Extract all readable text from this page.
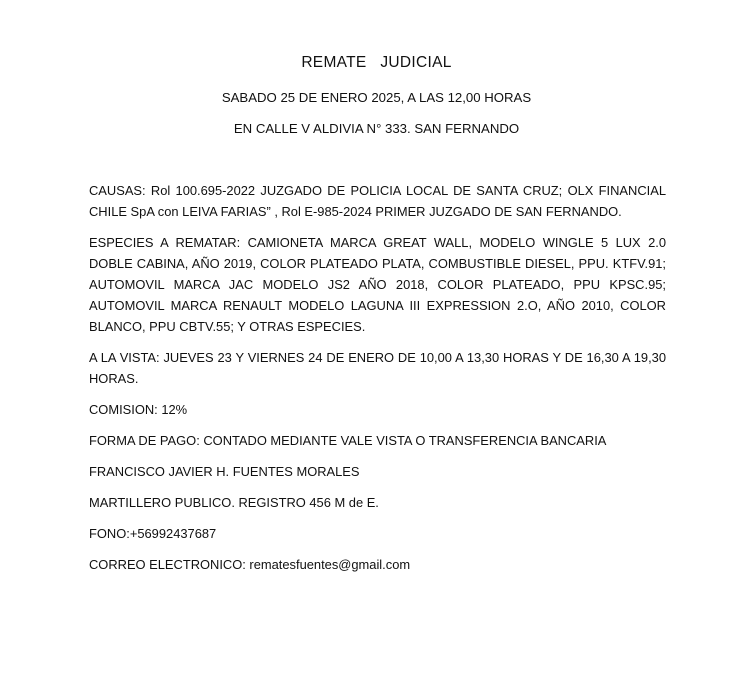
REMATE   JUDICIAL
SABADO 25 DE ENERO 2025, A LAS 12,00 HORAS
EN CALLE V ALDIVIA N° 333. SAN FERNANDO

CAUSAS: Rol 100.695-2022 JUZGADO DE POLICIA LOCAL DE SANTA CRUZ; OLX FINANCIAL CHILE SpA con LEIVA FARIAS” , Rol E-985-2024 PRIMER JUZGADO DE SAN FERNANDO.

ESPECIES A REMATAR: CAMIONETA MARCA GREAT WALL, MODELO WINGLE 5 LUX 2.0 DOBLE CABINA, AÑO 2019, COLOR PLATEADO PLATA, COMBUSTIBLE DIESEL, PPU. KTFV.91; AUTOMOVIL MARCA JAC MODELO JS2 AÑO 2018, COLOR PLATEADO, PPU KPSC.95; AUTOMOVIL MARCA RENAULT MODELO LAGUNA III EXPRESSION 2.O, AÑO 2010, COLOR BLANCO, PPU CBTV.55; Y OTRAS ESPECIES.

A LA VISTA: JUEVES 23 Y VIERNES 24 DE ENERO DE 10,00 A 13,30 HORAS Y DE 16,30 A 19,30 HORAS.

COMISION: 12%

FORMA DE PAGO: CONTADO MEDIANTE VALE VISTA O TRANSFERENCIA BANCARIA

FRANCISCO JAVIER H. FUENTES MORALES

MARTILLERO PUBLICO. REGISTRO 456 M de E.

FONO:+56992437687

CORREO ELECTRONICO: rematesfuentes@gmail.com
